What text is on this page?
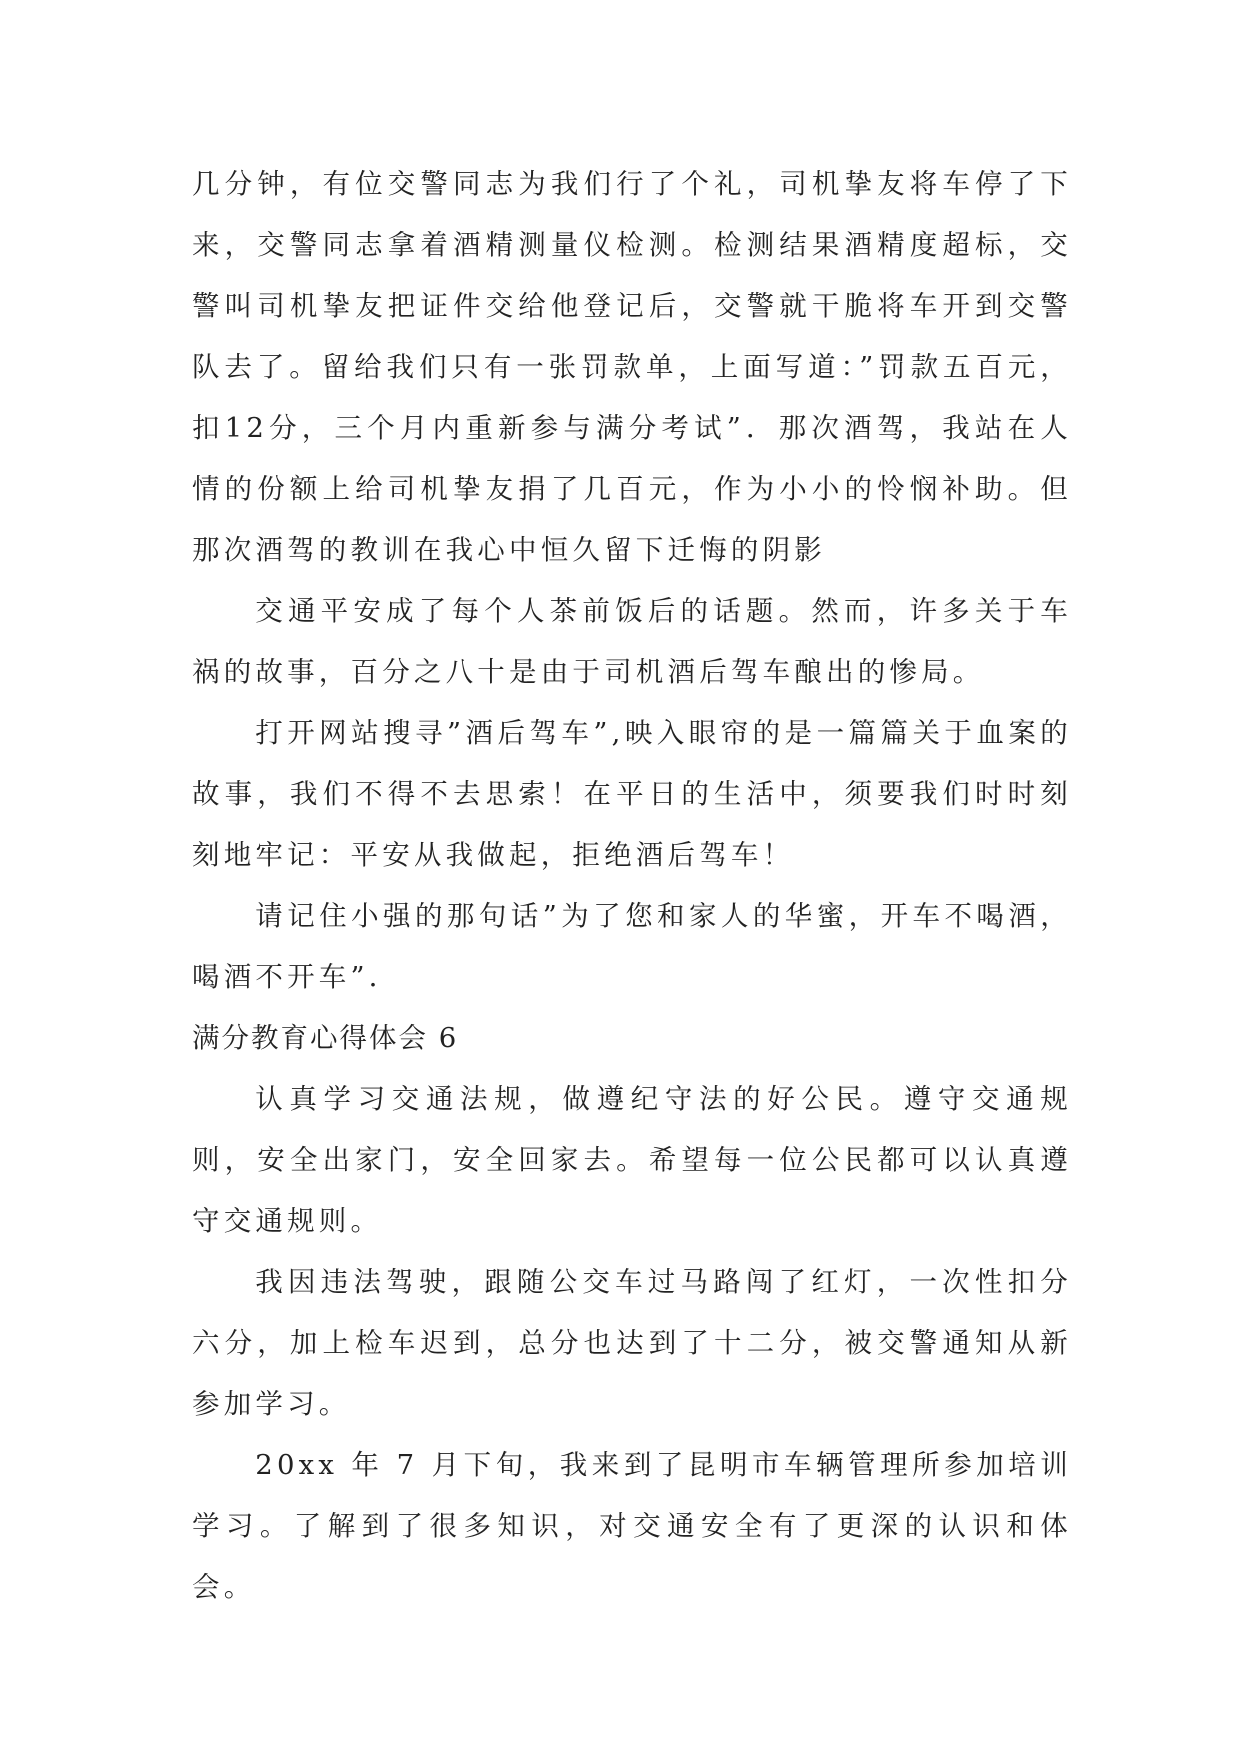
几分钟，有位交警同志为我们行了个礼，司机挚友将车停了下来，交警同志拿着酒精测量仪检测。检测结果酒精度超标，交警叫司机挚友把证件交给他登记后，交警就干脆将车开到交警队去了。留给我们只有一张罚款单，上面写道：”罚款五百元，扣12分，三个月内重新参与满分考试”．那次酒驾，我站在人情的份额上给司机挚友捐了几百元，作为小小的怜悯补助。但那次酒驾的教训在我心中恒久留下迁悔的阴影

交通平安成了每个人茶前饭后的话题。然而，许多关于车祸的故事，百分之八十是由于司机酒后驾车酿出的惨局。

打开网站搜寻”酒后驾车”,映入眼帘的是一篇篇关于血案的故事，我们不得不去思索！在平日的生活中，须要我们时时刻刻地牢记：平安从我做起，拒绝酒后驾车！

请记住小强的那句话”为了您和家人的华蜜，开车不喝酒，喝酒不开车”．

满分教育心得体会 6

认真学习交通法规，做遵纪守法的好公民。遵守交通规则，安全出家门，安全回家去。希望每一位公民都可以认真遵守交通规则。

我因违法驾驶，跟随公交车过马路闯了红灯，一次性扣分六分，加上检车迟到，总分也达到了十二分，被交警通知从新参加学习。

20xx 年 7 月下旬，我来到了昆明市车辆管理所参加培训学习。了解到了很多知识，对交通安全有了更深的认识和体会。
